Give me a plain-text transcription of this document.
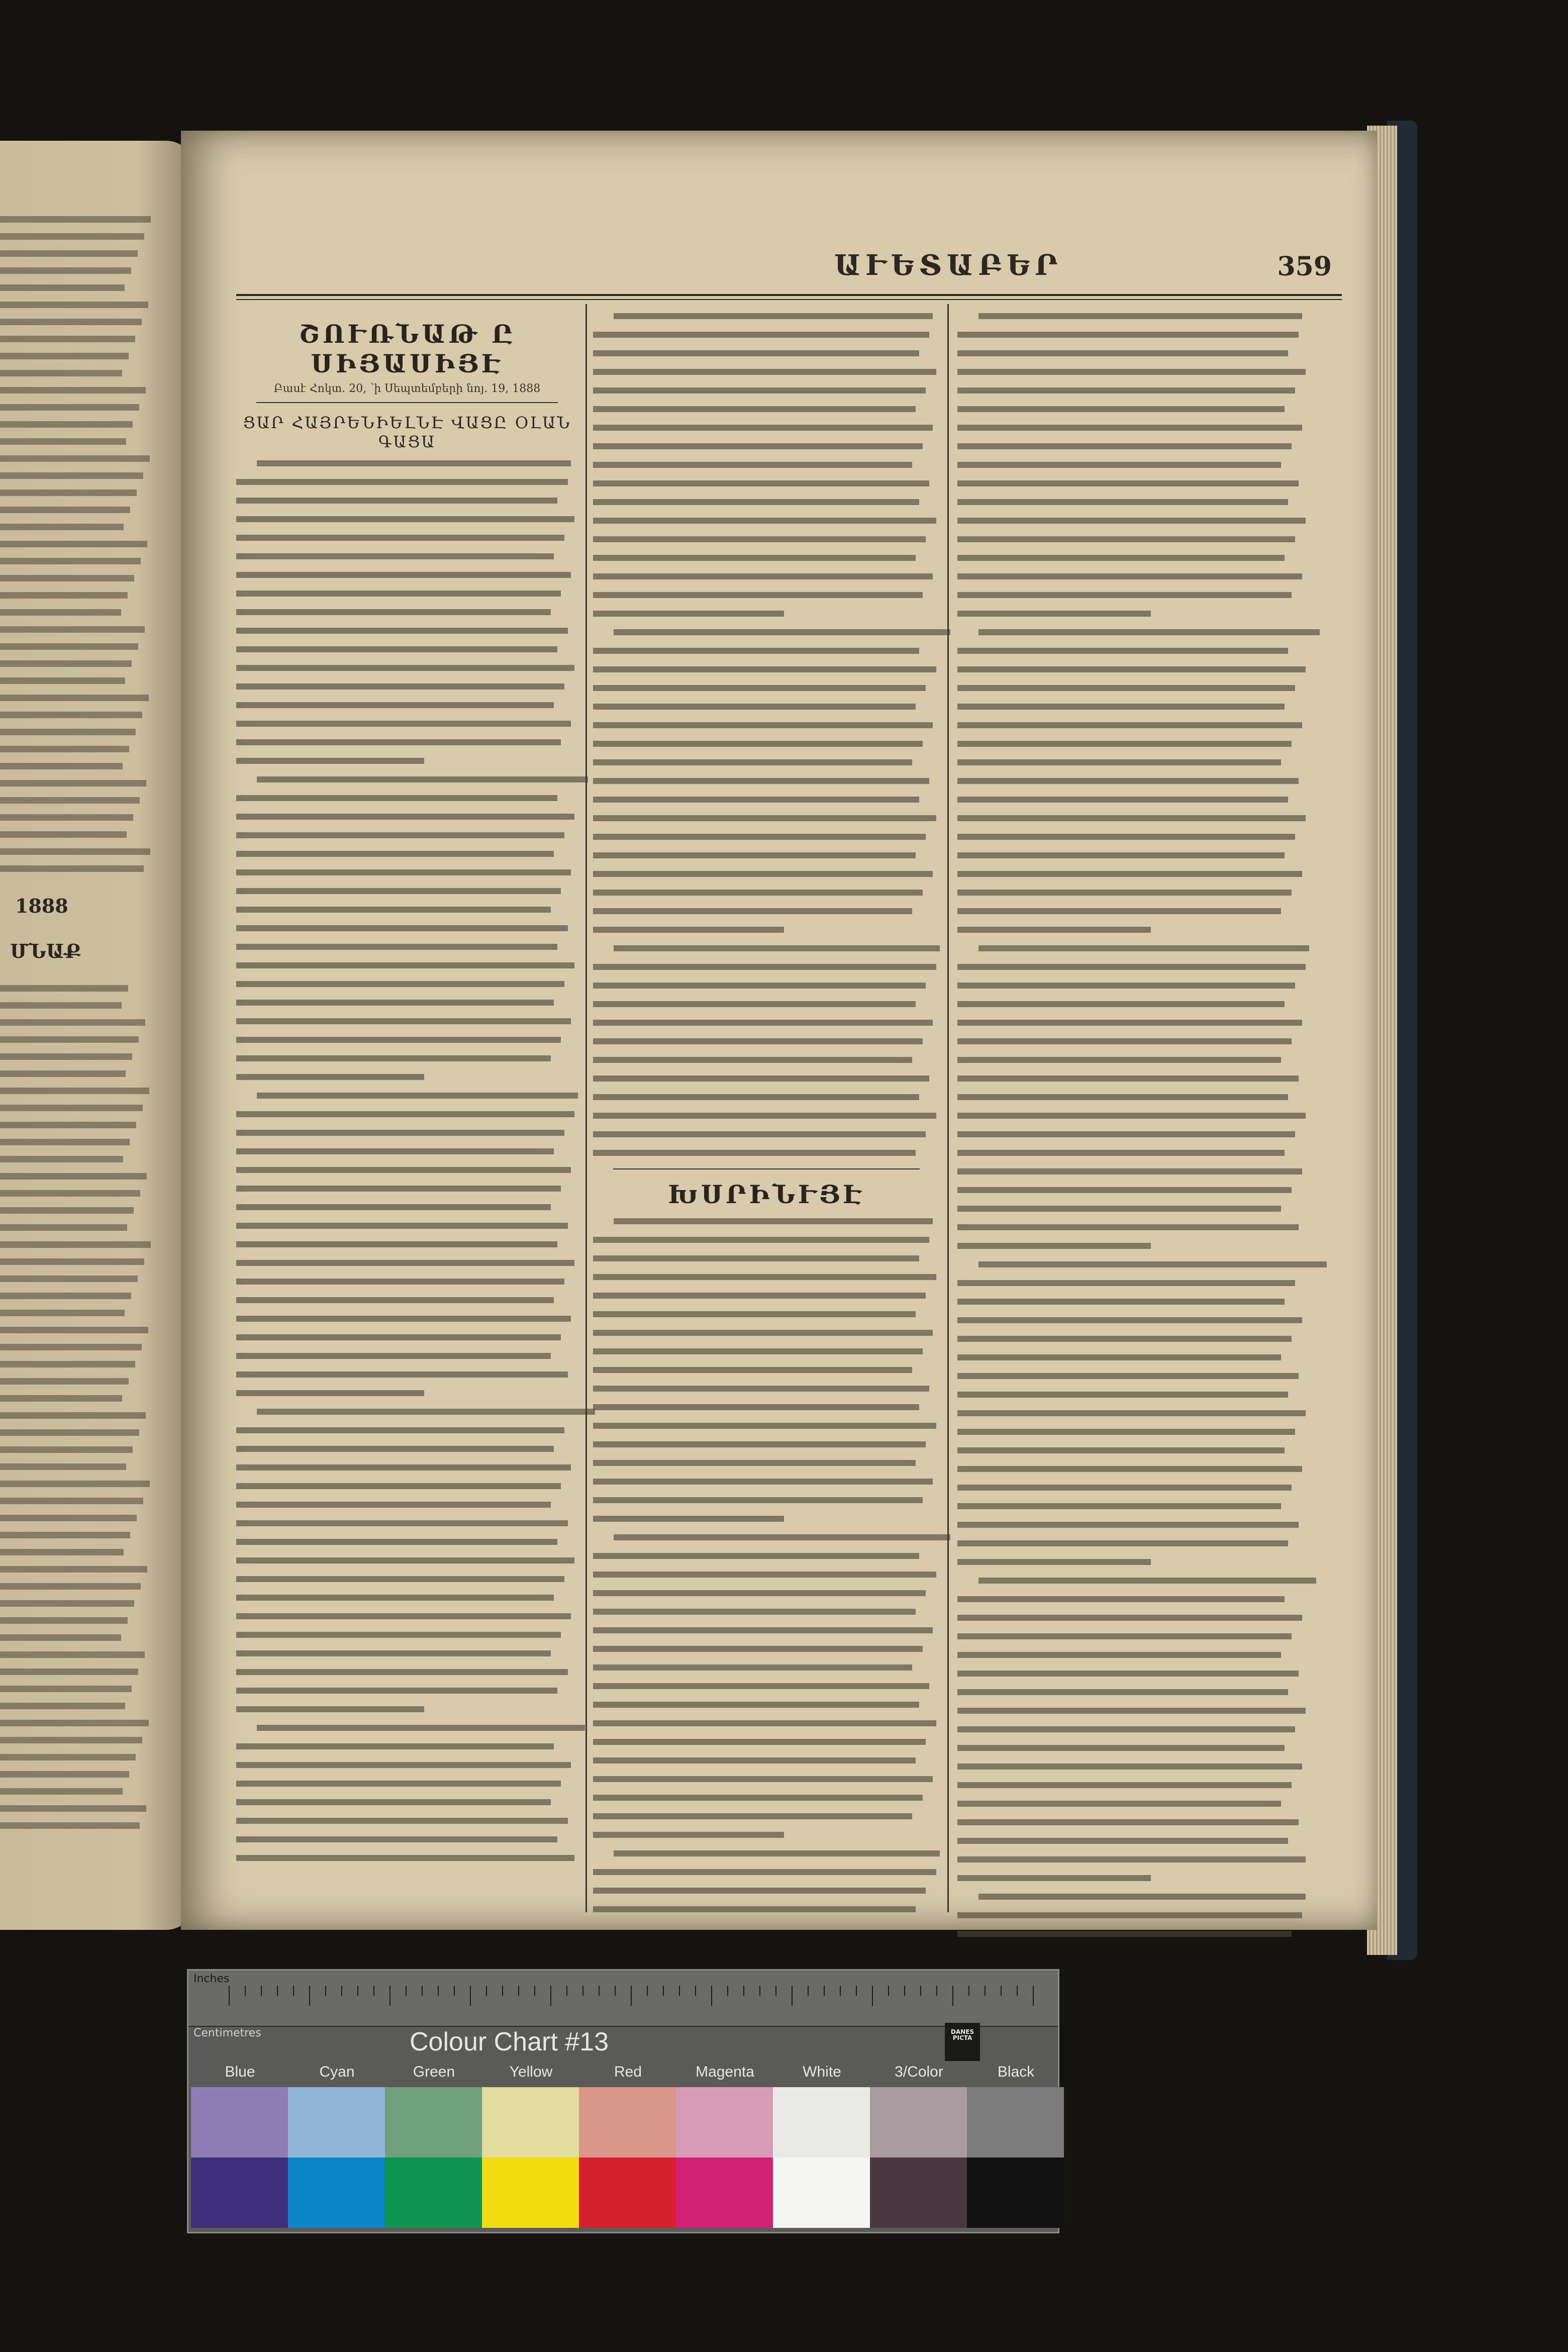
1888
ՄՆԱՔ
ԱՒԵՏԱԲԵՐ	359
ՇՈՒՌՆԱԹ Ը ՍԻՅԱՍԻՅԷ
Բասէ Հոկտ. 20, ՝ի Սեպտեմբերի նոյ. 19, 1888
ՑԱՐ ՀԱՅՐԵՆԻԵԼՆԷ ՎԱՑԸ ՕԼԱՆ ԳԱՑԱ
ԽՍՐԻՆՒՅԷ
Inches
Centimetres	Colour Chart #13	DANES PICTA
Blue	Cyan	Green	Yellow	Red	Magenta	White	3/Color	Black
